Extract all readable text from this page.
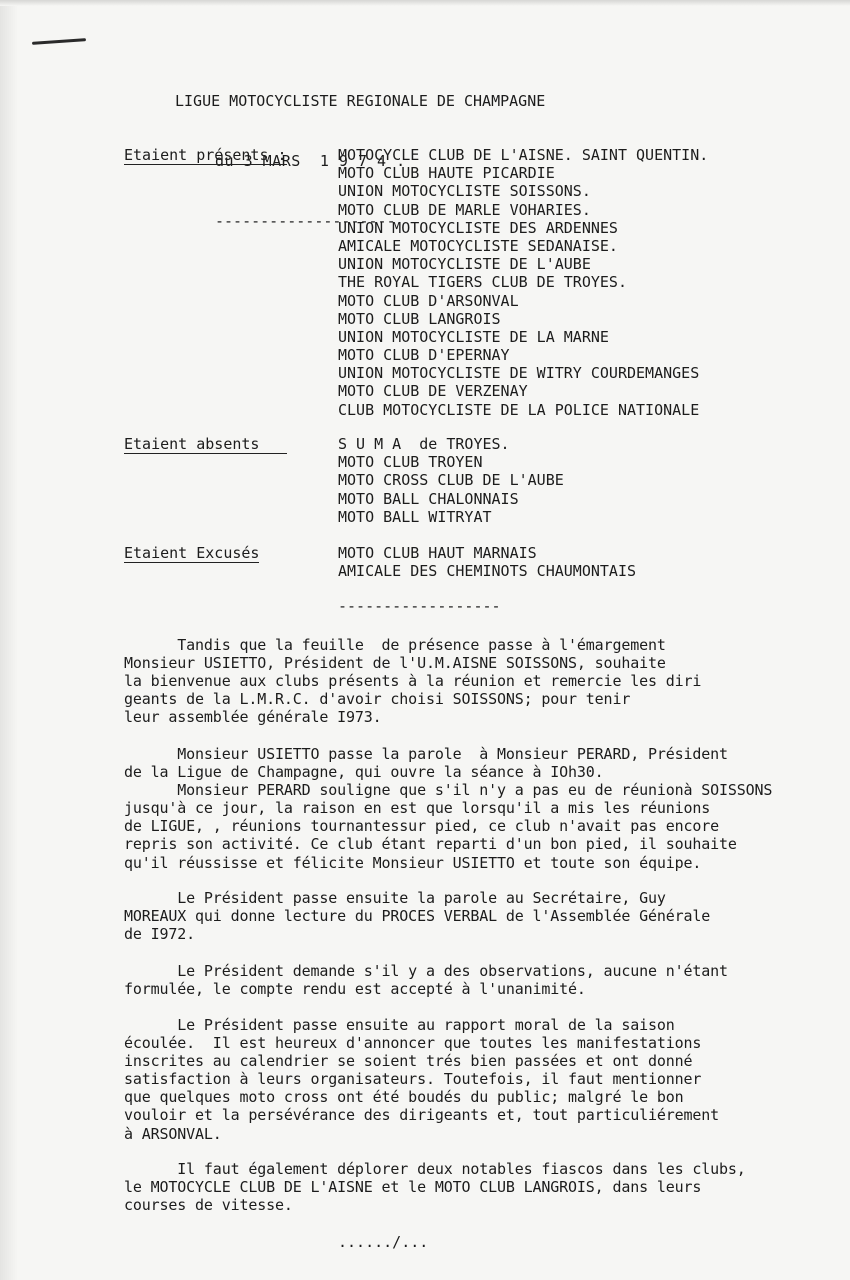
LIGUE MOTOCYCLISTE REGIONALE DE CHAMPAGNE

du 3 MARS  1 9 7 4 .

--------------------

Etaient présents :	MOTOCYCLE CLUB DE L'AISNE. SAINT QUENTIN.
MOTO CLUB HAUTE PICARDIE
UNION MOTOCYCLISTE SOISSONS.
MOTO CLUB DE MARLE VOHARIES.
UNION MOTOCYCLISTE DES ARDENNES
AMICALE MOTOCYCLISTE SEDANAISE.
UNION MOTOCYCLISTE DE L'AUBE
THE ROYAL TIGERS CLUB DE TROYES.
MOTO CLUB D'ARSONVAL
MOTO CLUB LANGROIS
UNION MOTOCYCLISTE DE LA MARNE
MOTO CLUB D'EPERNAY
UNION MOTOCYCLISTE DE WITRY COURDEMANGES
MOTO CLUB DE VERZENAY
CLUB MOTOCYCLISTE DE LA POLICE NATIONALE
Etaient absents	S U M A  de TROYES.
MOTO CLUB TROYEN
MOTO CROSS CLUB DE L'AUBE
MOTO BALL CHALONNAIS
MOTO BALL WITRYAT
Etaient Excusés	MOTO CLUB HAUT MARNAIS
AMICALE DES CHEMINOTS CHAUMONTAIS
------------------

Tandis que la feuille  de présence passe à l'émargement
Monsieur USIETTO, Président de l'U.M.AISNE SOISSONS, souhaite
la bienvenue aux clubs présents à la réunion et remercie les diri
geants de la L.M.R.C. d'avoir choisi SOISSONS; pour tenir
leur assemblée générale I973.

Monsieur USIETTO passe la parole  à Monsieur PERARD, Président
de la Ligue de Champagne, qui ouvre la séance à IOh30.
Monsieur PERARD souligne que s'il n'y a pas eu de réunionà SOISSONS
jusqu'à ce jour, la raison en est que lorsqu'il a mis les réunions
de LIGUE, , réunions tournantessur pied, ce club n'avait pas encore
repris son activité. Ce club étant reparti d'un bon pied, il souhaite
qu'il réussisse et félicite Monsieur USIETTO et toute son équipe.

Le Président passe ensuite la parole au Secrétaire, Guy
MOREAUX qui donne lecture du PROCES VERBAL de l'Assemblée Générale
de I972.

Le Président demande s'il y a des observations, aucune n'étant
formulée, le compte rendu est accepté à l'unanimité.

Le Président passe ensuite au rapport moral de la saison
écoulée.  Il est heureux d'annoncer que toutes les manifestations
inscrites au calendrier se soient trés bien passées et ont donné
satisfaction à leurs organisateurs. Toutefois, il faut mentionner
que quelques moto cross ont été boudés du public; malgré le bon
vouloir et la persévérance des dirigeants et, tout particuliérement
à ARSONVAL.

Il faut également déplorer deux notables fiascos dans les clubs,
le MOTOCYCLE CLUB DE L'AISNE et le MOTO CLUB LANGROIS, dans leurs
courses de vitesse.

....../...
